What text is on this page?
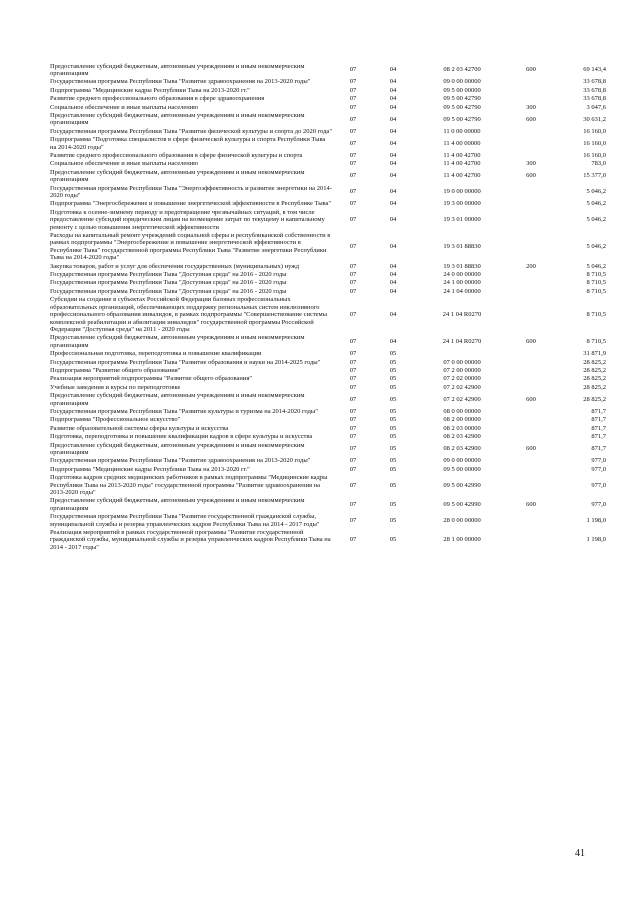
Предоставление субсидий бюджетным, автономным учреждениям и иным некоммерческим организациям	07	04	08 2 03 42700	600	69 143,4
Государственная программа Республики Тыва "Развитие здравоохранения на 2013-2020 годы"	07	04	09 0 00 00000		33 678,8
Подпрограмма "Медицинские кадры Республики Тыва на 2013-2020 гг."	07	04	09 5 00 00000		33 678,8
Развитие среднего профессионального образования в сфере здравоохранения	07	04	09 5 00 42790		33 678,8
Социальное обеспечение и иные выплаты населению	07	04	09 5 00 42790	300	3 047,6
Предоставление субсидий бюджетным, автономным учреждениям и иным некоммерческим организациям	07	04	09 5 00 42790	600	30 631,2
Государственная программа Республики Тыва "Развитие физической культуры и спорта до 2020 года"	07	04	11 0 00 00000		16 160,0
Подпрограмма "Подготовка специалистов в сфере физической культуры и спорта Республики Тыва на 2014-2020 годы"	07	04	11 4 00 00000		16 160,0
Развитие среднего профессионального образования в сфере физической культуры и спорта	07	04	11 4 00 42700		16 160,0
Социальное обеспечение и иные выплаты населению	07	04	11 4 00 42700	300	783,0
Предоставление субсидий бюджетным, автономным учреждениям и иным некоммерческим организациям	07	04	11 4 00 42700	600	15 377,0
Государственная программа Республики Тыва "Энергоэффективность и развитие энергетики на 2014-2020 годы"	07	04	19 0 00 00000		5 046,2
Подпрограмма "Энергосбережение и повышение энергетической эффективности в Республике Тыва"	07	04	19 3 00 00000		5 046,2
Подготовка к осенне-зимнему периоду и предотвращение чрезвычайных ситуаций, в том числе предоставление субсидий юридическим лицам на возмещение затрат по текущему и капитальному ремонту с целью повышения энергетической эффективности	07	04	19 3 01 00000		5 046,2
Расходы на капитальный ремонт учреждений социальной сферы и республиканской собственности в рамках подпрограммы "Энергосбережение и повышение энергетической эффективности в Республике Тыва" государственной программы Республики Тыва "Развитие энергетики Республики Тыва на 2014-2020 годы"	07	04	19 3 01 88830		5 046,2
Закупка товаров, работ и услуг для обеспечения государственных (муниципальных) нужд	07	04	19 3 01 88830	200	5 046,2
Государственная программа Республики Тыва "Доступная среда" на 2016 - 2020 годы	07	04	24 0 00 00000		8 710,5
Государственная программа Республики Тыва "Доступная среда" на 2016 - 2020 годы	07	04	24 1 00 00000		8 710,5
Государственная программа Республики Тыва "Доступная среда" на 2016 - 2020 годы	07	04	24 1 04 00000		8 710,5
Субсидии на создание в субъектах Российской Федерации базовых профессиональных образовательных организаций, обеспечивающих поддержку региональных систем инклюзивного профессионального образования инвалидов, в рамках подпрограммы "Совершенствование системы комплексной реабилитации и абилитации инвалидов" государственной программы Российской Федерации "Доступная среда" на 2011 - 2020 годы	07	04	24 1 04 R0270		8 710,5
Предоставление субсидий бюджетным, автономным учреждениям и иным некоммерческим организациям	07	04	24 1 04 R0270	600	8 710,5
Профессиональная подготовка, переподготовка и повышение квалификации	07	05			31 871,9
Государственная программа Республики Тыва "Развитие образования и науки на 2014-2025 годы"	07	05	07 0 00 00000		28 825,2
Подпрограмма "Развитие общего образования"	07	05	07 2 00 00000		28 825,2
Реализация мероприятий подпрограммы "Развитие общего образования"	07	05	07 2 02 00000		28 825,2
Учебные заведения и курсы по переподготовке	07	05	07 2 02 42900		28 825,2
Предоставление субсидий бюджетным, автономным учреждениям и иным некоммерческим организациям	07	05	07 2 02 42900	600	28 825,2
Государственная программа Республики Тыва "Развитие культуры и туризма на 2014-2020 годы"	07	05	08 0 00 00000		871,7
Подпрограмма "Профессиональное искусство"	07	05	08 2 00 00000		871,7
Развитие образовательной системы сферы культуры и искусства	07	05	08 2 03 00000		871,7
Подготовка, переподготовка и повышение квалификации кадров в сфере культуры и искусства	07	05	08 2 03 42900		871,7
Предоставление субсидий бюджетным, автономным учреждениям и иным некоммерческим организациям	07	05	08 2 03 42900	600	871,7
Государственная программа Республики Тыва "Развитие здравоохранения на 2013-2020 годы"	07	05	09 0 00 00000		977,0
Подпрограмма "Медицинские кадры Республики Тыва на 2013-2020 гг."	07	05	09 5 00 00000		977,0
Подготовка кадров средних медицинских работников в рамках подпрограммы "Медицинские кадры Республики Тыва на 2013-2020 годы" государственной программы "Развитие здравоохранения на 2013-2020 годы"	07	05	09 5 00 42990		977,0
Предоставление субсидий бюджетным, автономным учреждениям и иным некоммерческим организациям	07	05	09 5 00 42990	600	977,0
Государственная программа Республики Тыва "Развитие государственной гражданской службы, муниципальной службы и резерва управленческих кадров Республики Тыва на 2014 - 2017 годы"	07	05	28 0 00 00000		1 198,0
Реализация мероприятий в рамках государственной программы "Развитие государственной гражданской службы, муниципальной службы и резерва управленческих кадров Республики Тыва на 2014 - 2017 годы"	07	05	28 1 00 00000		1 198,0
41
